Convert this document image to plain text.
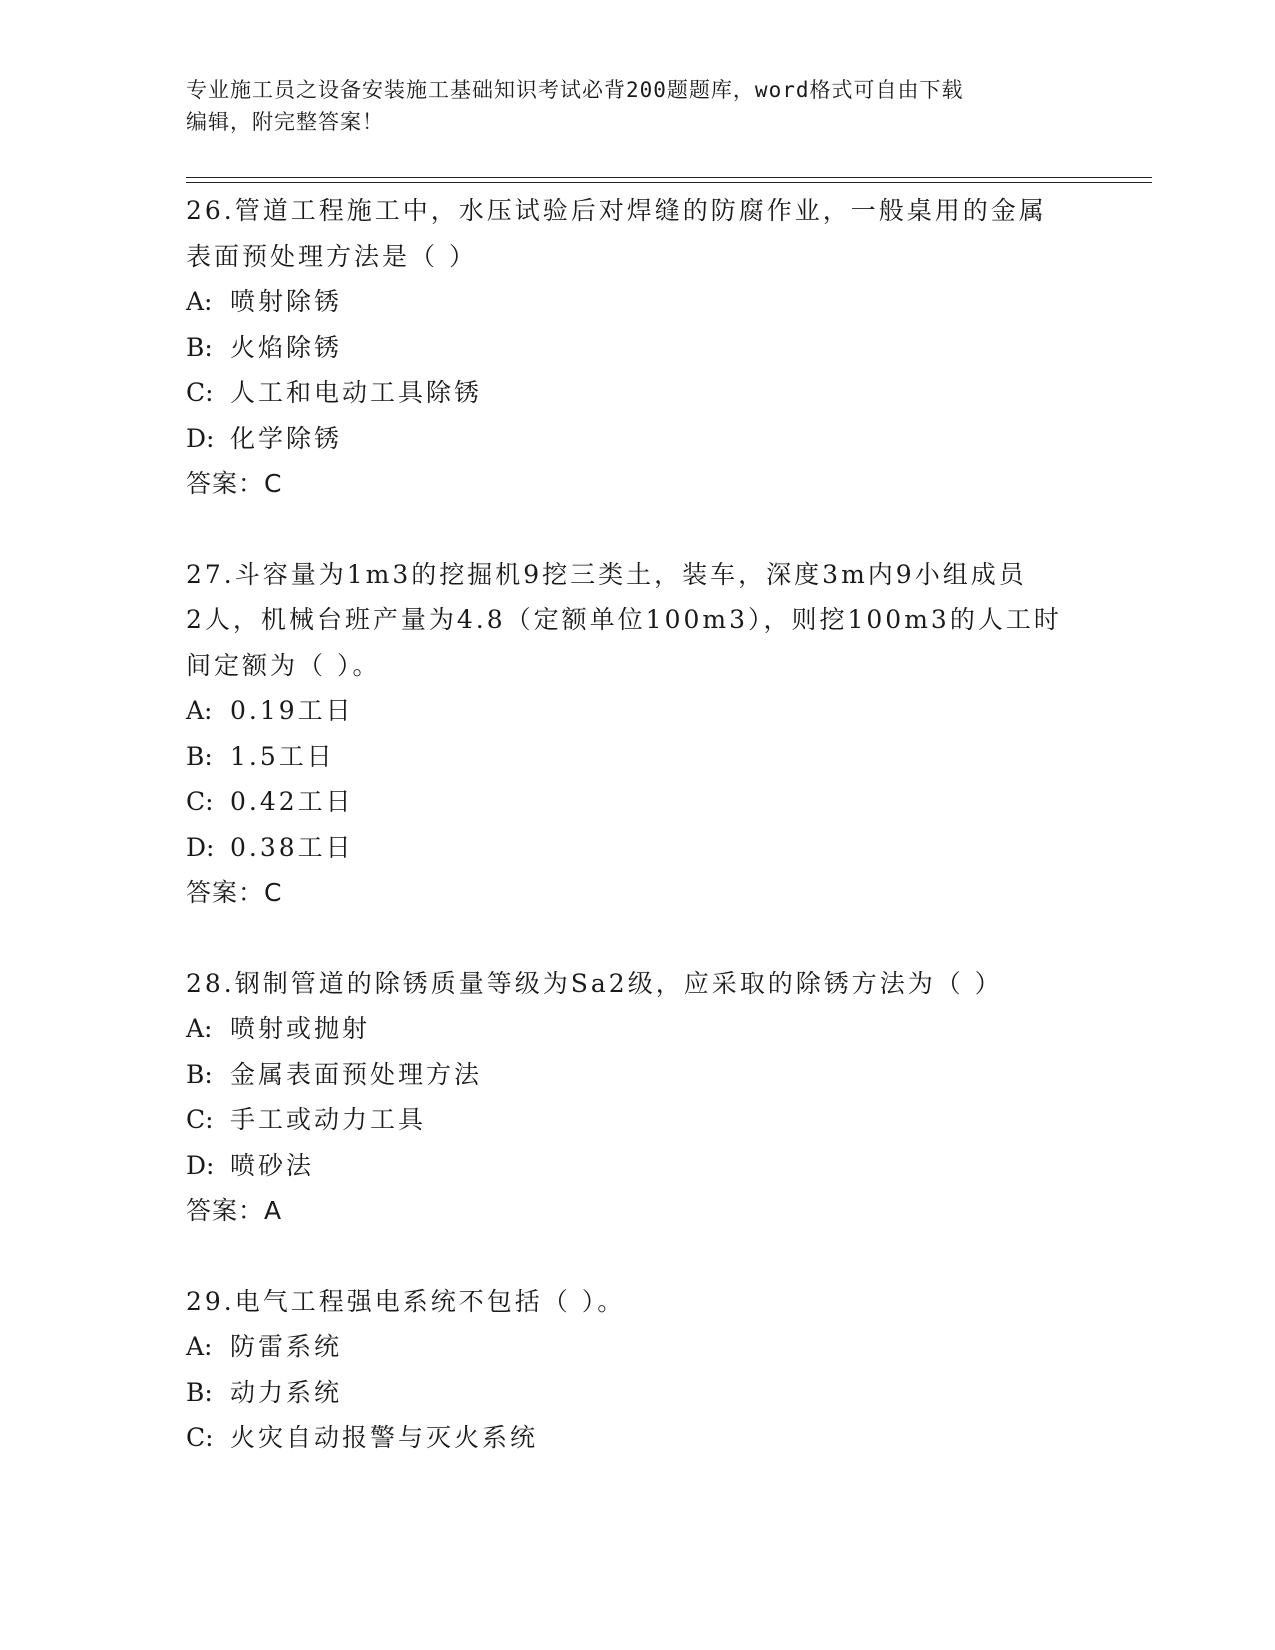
专业施工员之设备安装施工基础知识考试必背200题题库，word格式可自由下载
编辑，附完整答案！
26.管道工程施工中，水压试验后对焊缝的防腐作业，一般桌用的金属
表面预处理方法是（ ）
A: 喷射除锈
B: 火焰除锈
C: 人工和电动工具除锈
D: 化学除锈
答案：C
27.斗容量为1m3的挖掘机9挖三类土，装车，深度3m内9小组成员
2人，机械台班产量为4.8（定额单位100m3），则挖100m3的人工时
间定额为（ ）。
A: 0.19工日
B: 1.5工日
C: 0.42工日
D: 0.38工日
答案：C
28.钢制管道的除锈质量等级为Sa2级，应采取的除锈方法为（ ）
A: 喷射或抛射
B: 金属表面预处理方法
C: 手工或动力工具
D: 喷砂法
答案：A
29.电气工程强电系统不包括（ ）。
A: 防雷系统
B: 动力系统
C: 火灾自动报警与灭火系统
